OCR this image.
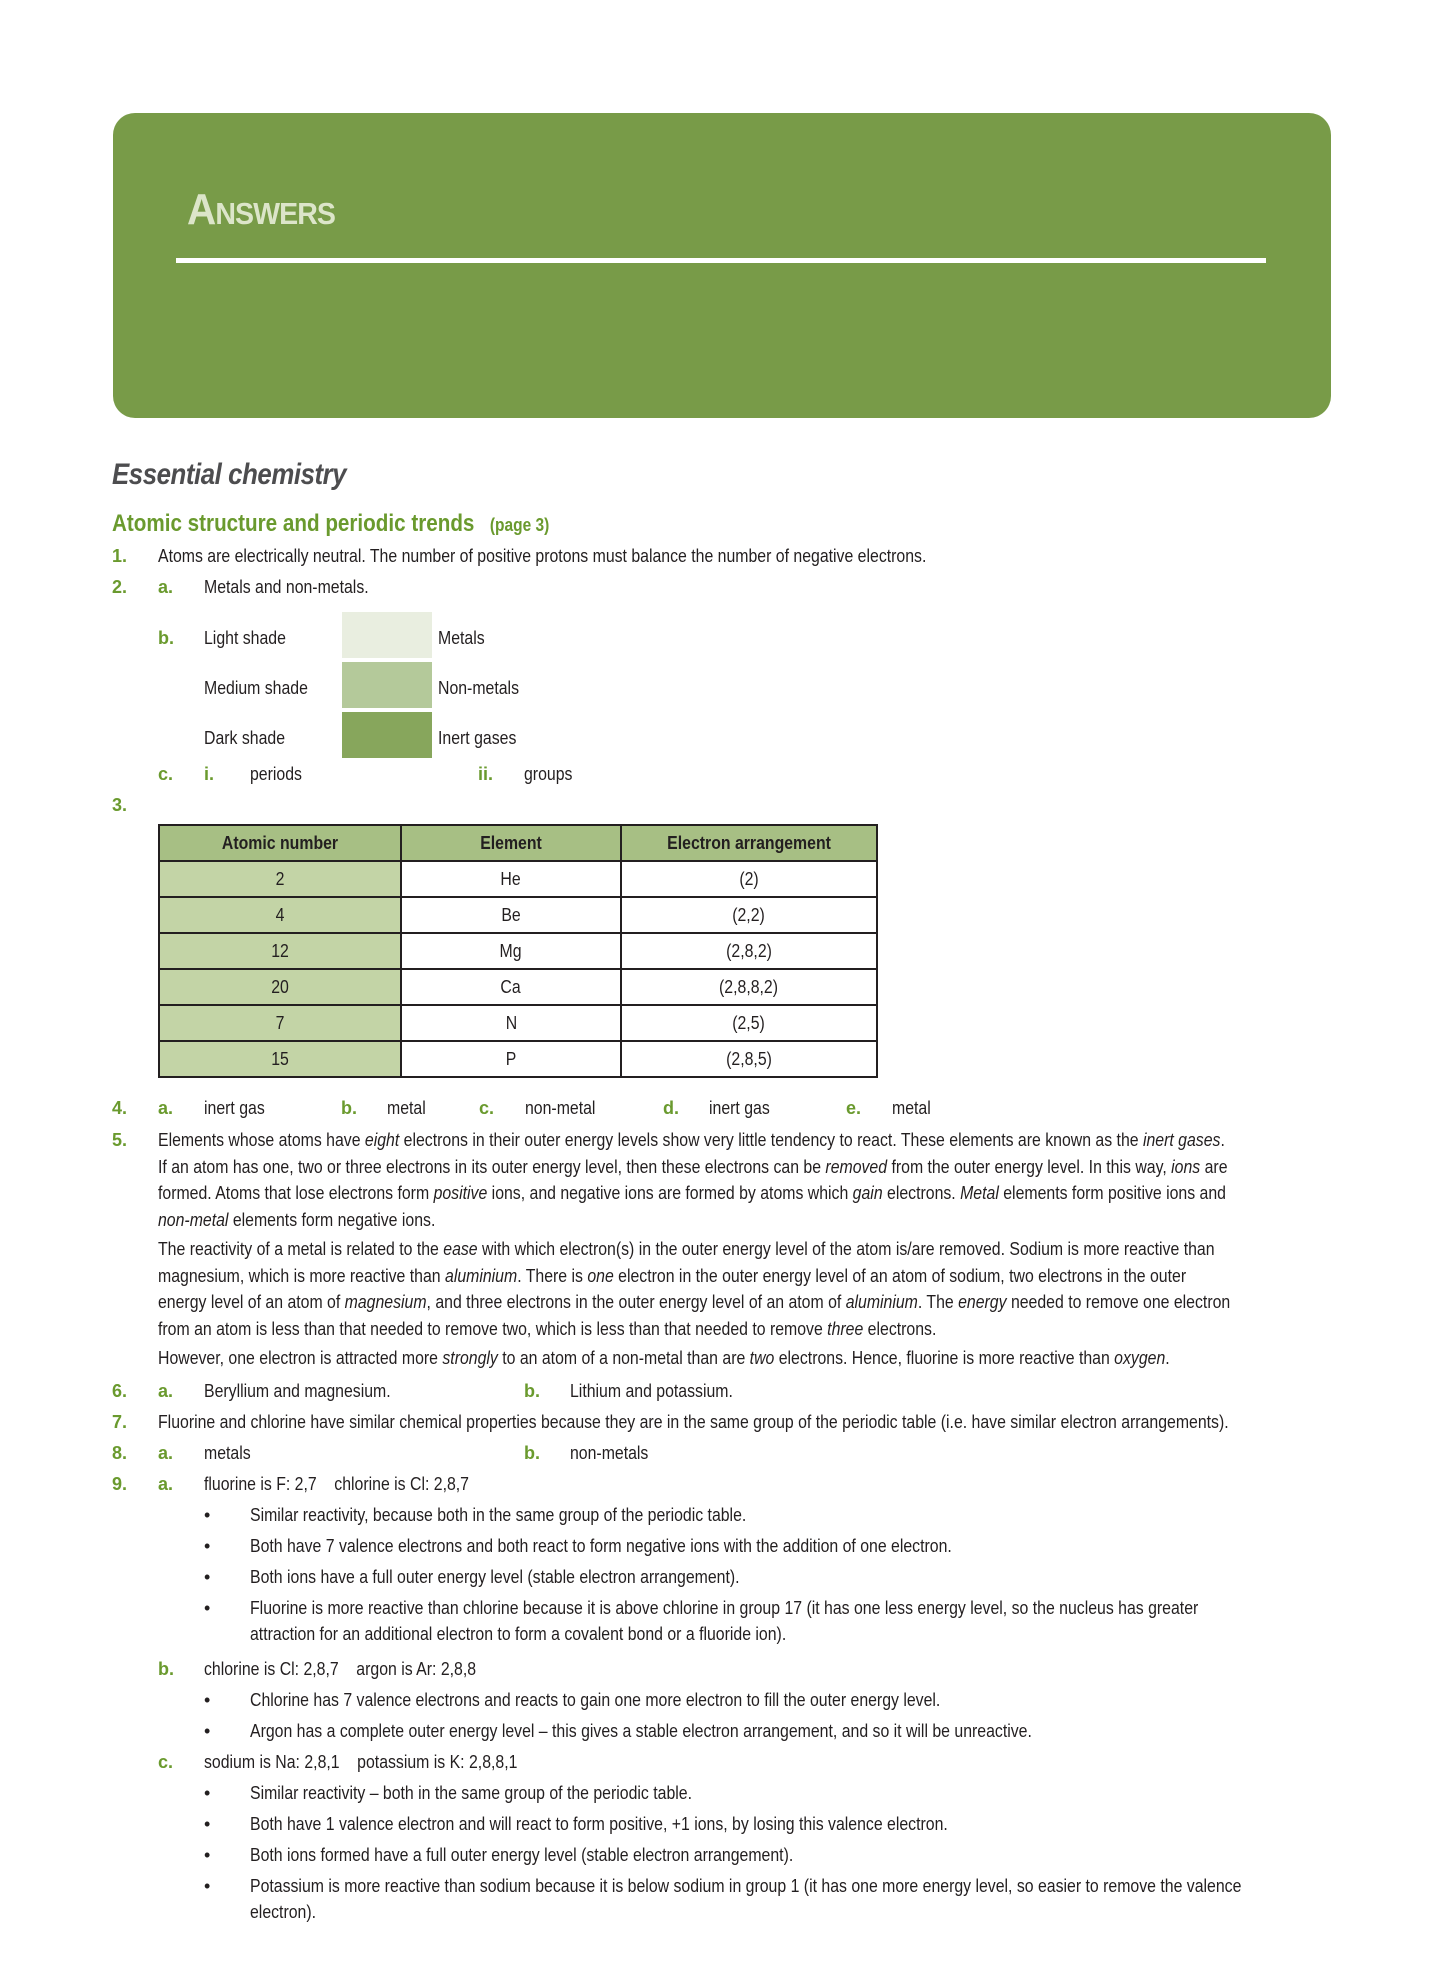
Answers
Essential chemistry
Atomic structure and periodic trends (page 3)
1. Atoms are electrically neutral. The number of positive protons must balance the number of negative electrons.
2. a. Metals and non-metals.
b. Light shade	Metals
Medium shade	Non-metals
Dark shade	Inert gases
c. i. periods	ii. groups
3.
Atomic number	Element	Electron arrangement
2	He	(2)
4	Be	(2,2)
12	Mg	(2,8,2)
20	Ca	(2,8,8,2)
7	N	(2,5)
15	P	(2,8,5)
4. a. inert gas	b. metal	c. non-metal	d. inert gas	e. metal
5. Elements whose atoms have eight electrons in their outer energy levels show very little tendency to react. These elements are known as the inert gases.

If an atom has one, two or three electrons in its outer energy level, then these electrons can be removed from the outer energy level. In this way, ions are

formed. Atoms that lose electrons form positive ions, and negative ions are formed by atoms which gain electrons. Metal elements form positive ions and

non-metal elements form negative ions.

The reactivity of a metal is related to the ease with which electron(s) in the outer energy level of the atom is/are removed. Sodium is more reactive than

magnesium, which is more reactive than aluminium. There is one electron in the outer energy level of an atom of sodium, two electrons in the outer

energy level of an atom of magnesium, and three electrons in the outer energy level of an atom of aluminium. The energy needed to remove one electron

from an atom is less than that needed to remove two, which is less than that needed to remove three electrons.

However, one electron is attracted more strongly to an atom of a non-metal than are two electrons. Hence, fluorine is more reactive than oxygen.

6. a. Beryllium and magnesium.	b. Lithium and potassium.
7. Fluorine and chlorine have similar chemical properties because they are in the same group of the periodic table (i.e. have similar electron arrangements).
8. a. metals	b. non-metals
9. a. fluorine is F: 2,7    chlorine is Cl: 2,8,7
• Similar reactivity, because both in the same group of the periodic table.
• Both have 7 valence electrons and both react to form negative ions with the addition of one electron.
• Both ions have a full outer energy level (stable electron arrangement).
• Fluorine is more reactive than chlorine because it is above chlorine in group 17 (it has one less energy level, so the nucleus has greater
attraction for an additional electron to form a covalent bond or a fluoride ion).
b. chlorine is Cl: 2,8,7    argon is Ar: 2,8,8
• Chlorine has 7 valence electrons and reacts to gain one more electron to fill the outer energy level.
• Argon has a complete outer energy level – this gives a stable electron arrangement, and so it will be unreactive.
c. sodium is Na: 2,8,1    potassium is K: 2,8,8,1
• Similar reactivity – both in the same group of the periodic table.
• Both have 1 valence electron and will react to form positive, +1 ions, by losing this valence electron.
• Both ions formed have a full outer energy level (stable electron arrangement).
• Potassium is more reactive than sodium because it is below sodium in group 1 (it has one more energy level, so easier to remove the valence
electron).
